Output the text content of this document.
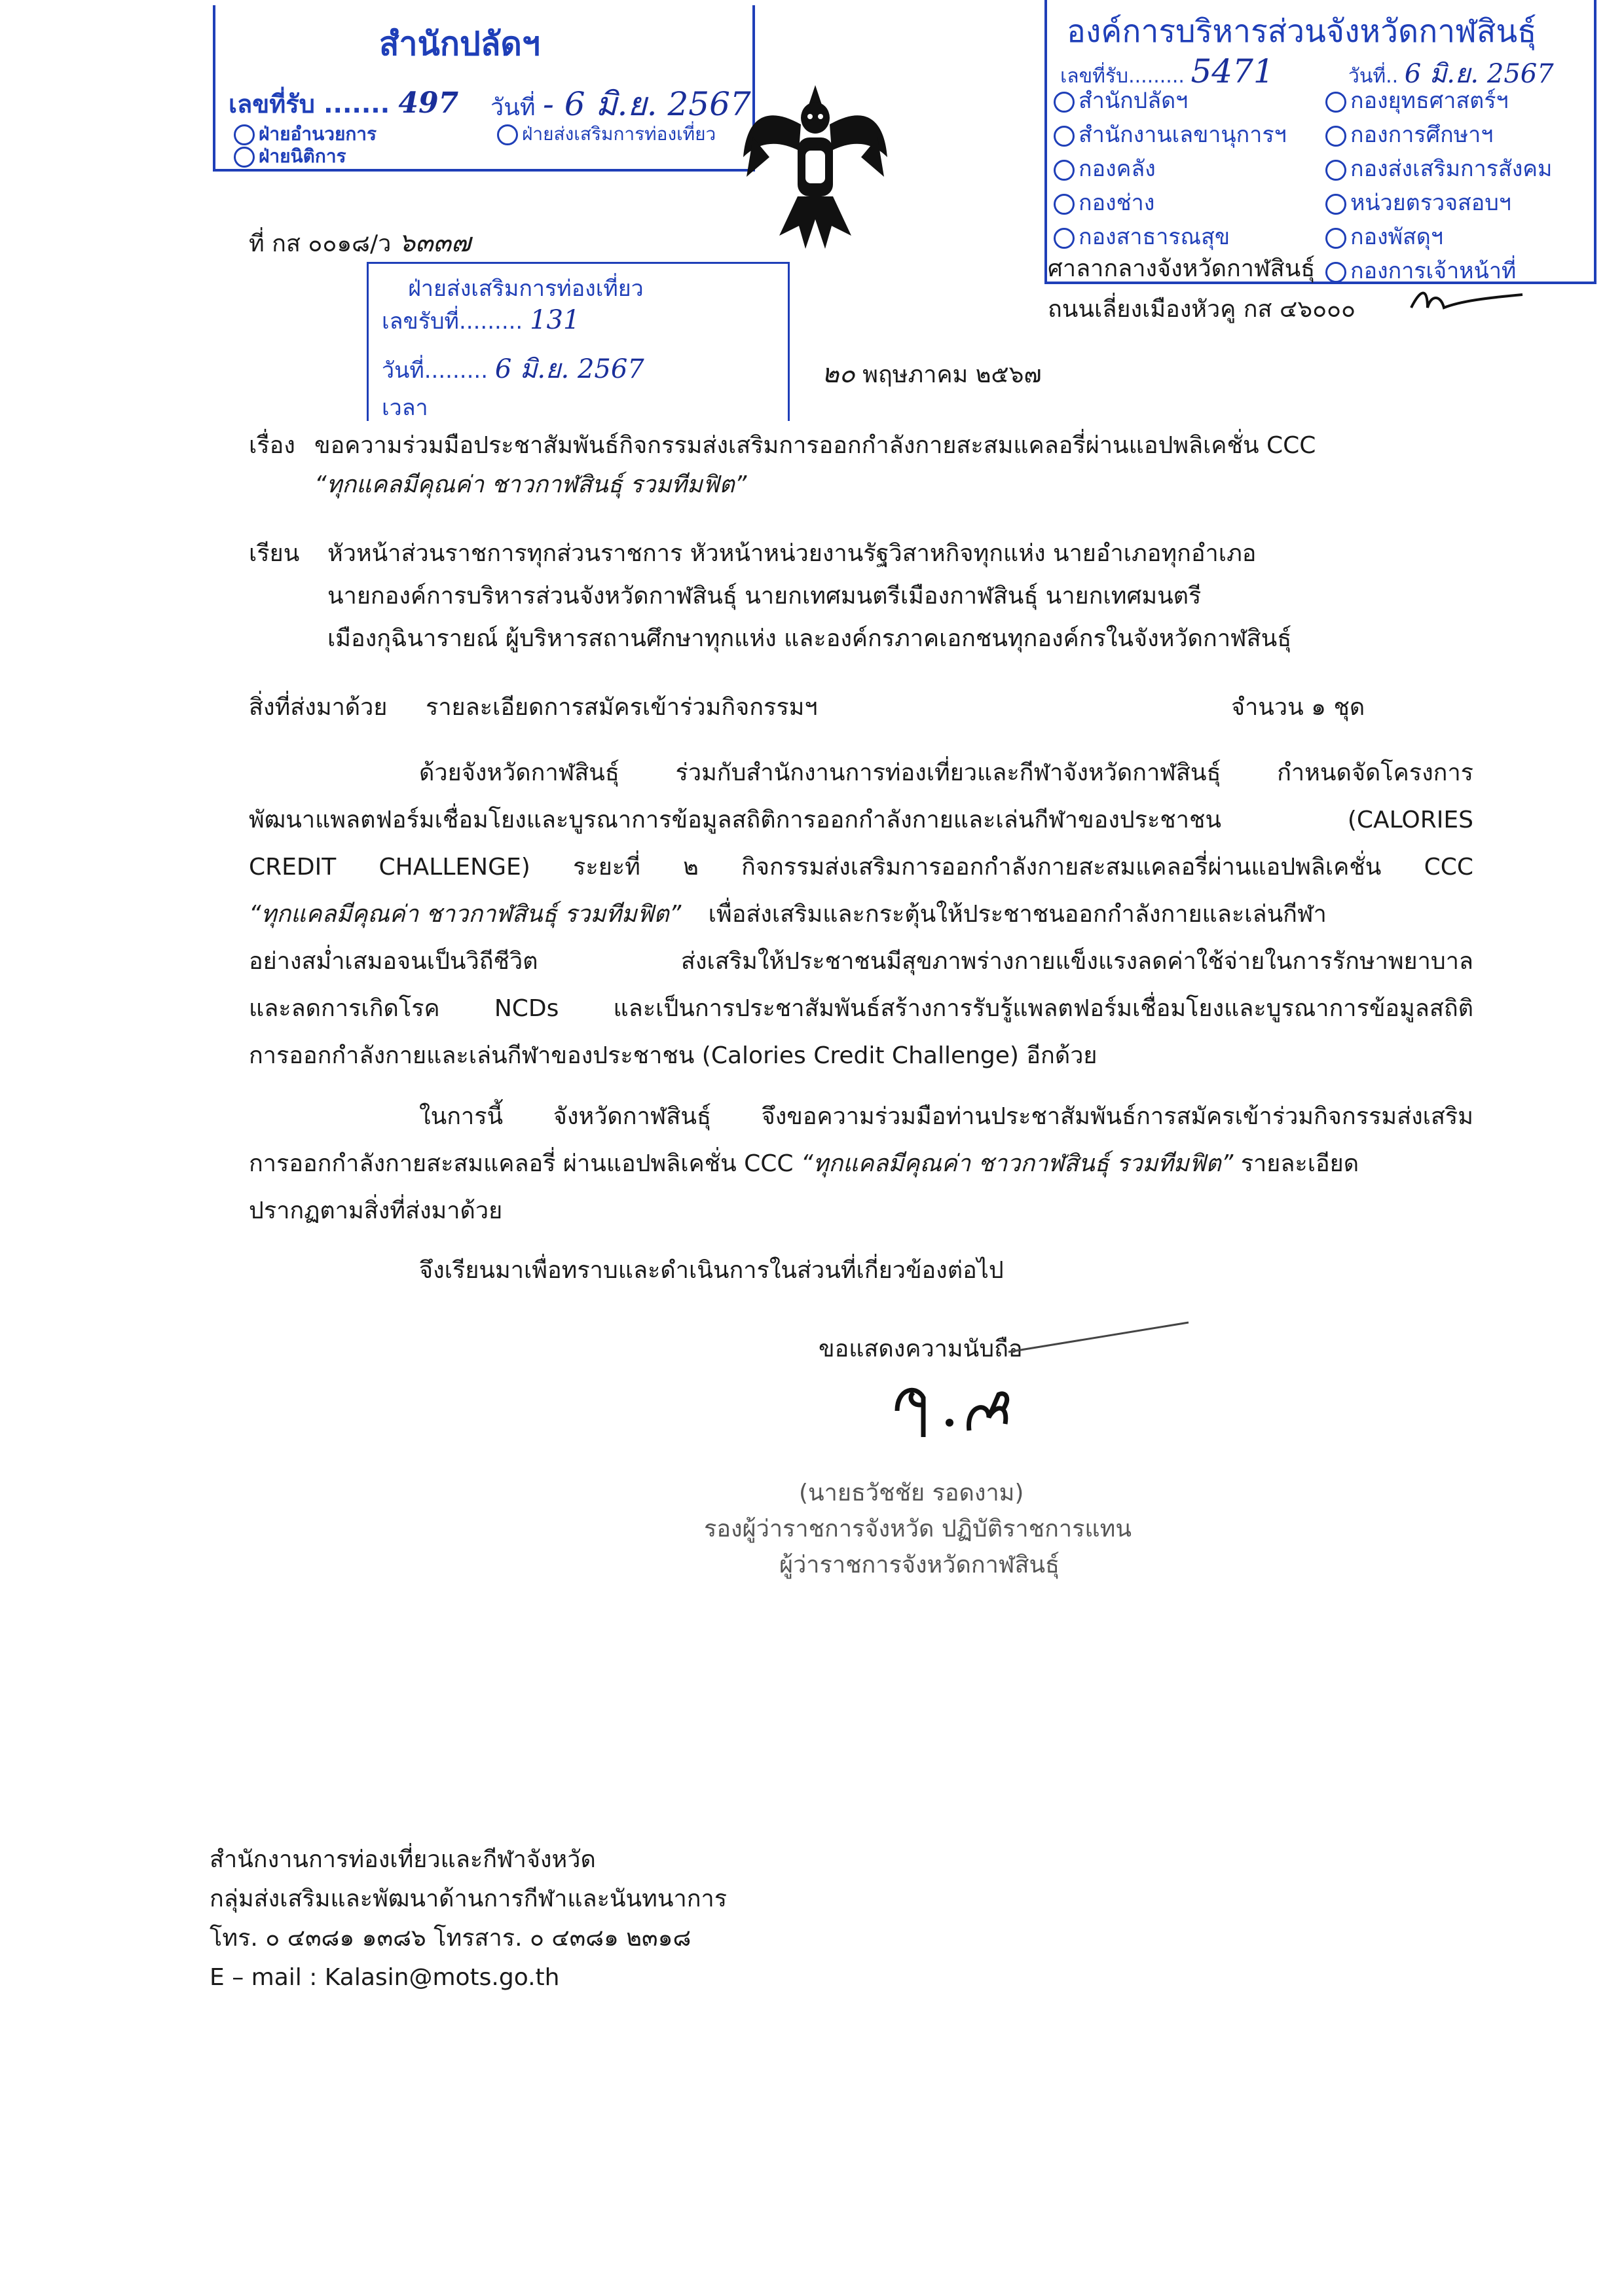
สำนักปลัดฯ
เลขที่รับ ....... 497 วันที่ - 6 มิ.ย. 2567
ฝ่ายอำนวยการ
ฝ่ายนิติการ
ฝ่ายส่งเสริมการท่องเที่ยว
องค์การบริหารส่วนจังหวัดกาฬสินธุ์
เลขที่รับ......... 5471	วันที่.. 6 มิ.ย. 2567
สำนักปลัดฯ
สำนักงานเลขานุการฯ
กองคลัง
กองช่าง
กองสาธารณสุข
กองยุทธศาสตร์ฯ
กองการศึกษาฯ
กองส่งเสริมการสังคม
หน่วยตรวจสอบฯ
กองพัสดุฯ
กองการเจ้าหน้าที่
ฝ่ายส่งเสริมการท่องเที่ยว
เลขรับที่......... 131
วันที่......... 6 มิ.ย. 2567
เวลา
ที่ กส ๐๐๑๘/ว ๖๓๓๗
ศาลากลางจังหวัดกาฬสินธุ์
ถนนเลี่ยงเมืองหัวคู กส ๔๖๐๐๐
๒๐ พฤษภาคม ๒๕๖๗
เรื่อง ขอความร่วมมือประชาสัมพันธ์กิจกรรมส่งเสริมการออกกำลังกายสะสมแคลอรี่ผ่านแอปพลิเคชั่น CCC
“ทุกแคลมีคุณค่า ชาวกาฬสินธุ์ รวมทีมฟิต”
เรียน หัวหน้าส่วนราชการทุกส่วนราชการ หัวหน้าหน่วยงานรัฐวิสาหกิจทุกแห่ง นายอำเภอทุกอำเภอ
นายกองค์การบริหารส่วนจังหวัดกาฬสินธุ์ นายกเทศมนตรีเมืองกาฬสินธุ์ นายกเทศมนตรี
เมืองกุฉินารายณ์ ผู้บริหารสถานศึกษาทุกแห่ง และองค์กรภาคเอกชนทุกองค์กรในจังหวัดกาฬสินธุ์
สิ่งที่ส่งมาด้วย รายละเอียดการสมัครเข้าร่วมกิจกรรมฯ	จำนวน ๑ ชุด
ด้วยจังหวัดกาฬสินธุ์ ร่วมกับสำนักงานการท่องเที่ยวและกีฬาจังหวัดกาฬสินธุ์ กำหนดจัดโครงการ
พัฒนาแพลตฟอร์มเชื่อมโยงและบูรณาการข้อมูลสถิติการออกกำลังกายและเล่นกีฬาของประชาชน (CALORIES
CREDIT CHALLENGE) ระยะที่ ๒ กิจกรรมส่งเสริมการออกกำลังกายสะสมแคลอรี่ผ่านแอปพลิเคชั่น CCC
“ทุกแคลมีคุณค่า ชาวกาฬสินธุ์ รวมทีมฟิต” เพื่อส่งเสริมและกระตุ้นให้ประชาชนออกกำลังกายและเล่นกีฬา
อย่างสม่ำเสมอจนเป็นวิถีชีวิต ส่งเสริมให้ประชาชนมีสุขภาพร่างกายแข็งแรงลดค่าใช้จ่ายในการรักษาพยาบาล
และลดการเกิดโรค NCDs และเป็นการประชาสัมพันธ์สร้างการรับรู้แพลตฟอร์มเชื่อมโยงและบูรณาการข้อมูลสถิติ
การออกกำลังกายและเล่นกีฬาของประชาชน (Calories Credit Challenge) อีกด้วย
ในการนี้ จังหวัดกาฬสินธุ์ จึงขอความร่วมมือท่านประชาสัมพันธ์การสมัครเข้าร่วมกิจกรรมส่งเสริม
การออกกำลังกายสะสมแคลอรี่ ผ่านแอปพลิเคชั่น CCC “ทุกแคลมีคุณค่า ชาวกาฬสินธุ์ รวมทีมฟิต” รายละเอียด
ปรากฏตามสิ่งที่ส่งมาด้วย
จึงเรียนมาเพื่อทราบและดำเนินการในส่วนที่เกี่ยวข้องต่อไป
ขอแสดงความนับถือ
(นายธวัชชัย รอดงาม)
รองผู้ว่าราชการจังหวัด ปฏิบัติราชการแทน
ผู้ว่าราชการจังหวัดกาฬสินธุ์
สำนักงานการท่องเที่ยวและกีฬาจังหวัด
กลุ่มส่งเสริมและพัฒนาด้านการกีฬาและนันทนาการ
โทร. ๐ ๔๓๘๑ ๑๓๘๖ โทรสาร. ๐ ๔๓๘๑ ๒๓๑๘
E – mail : Kalasin@mots.go.th
